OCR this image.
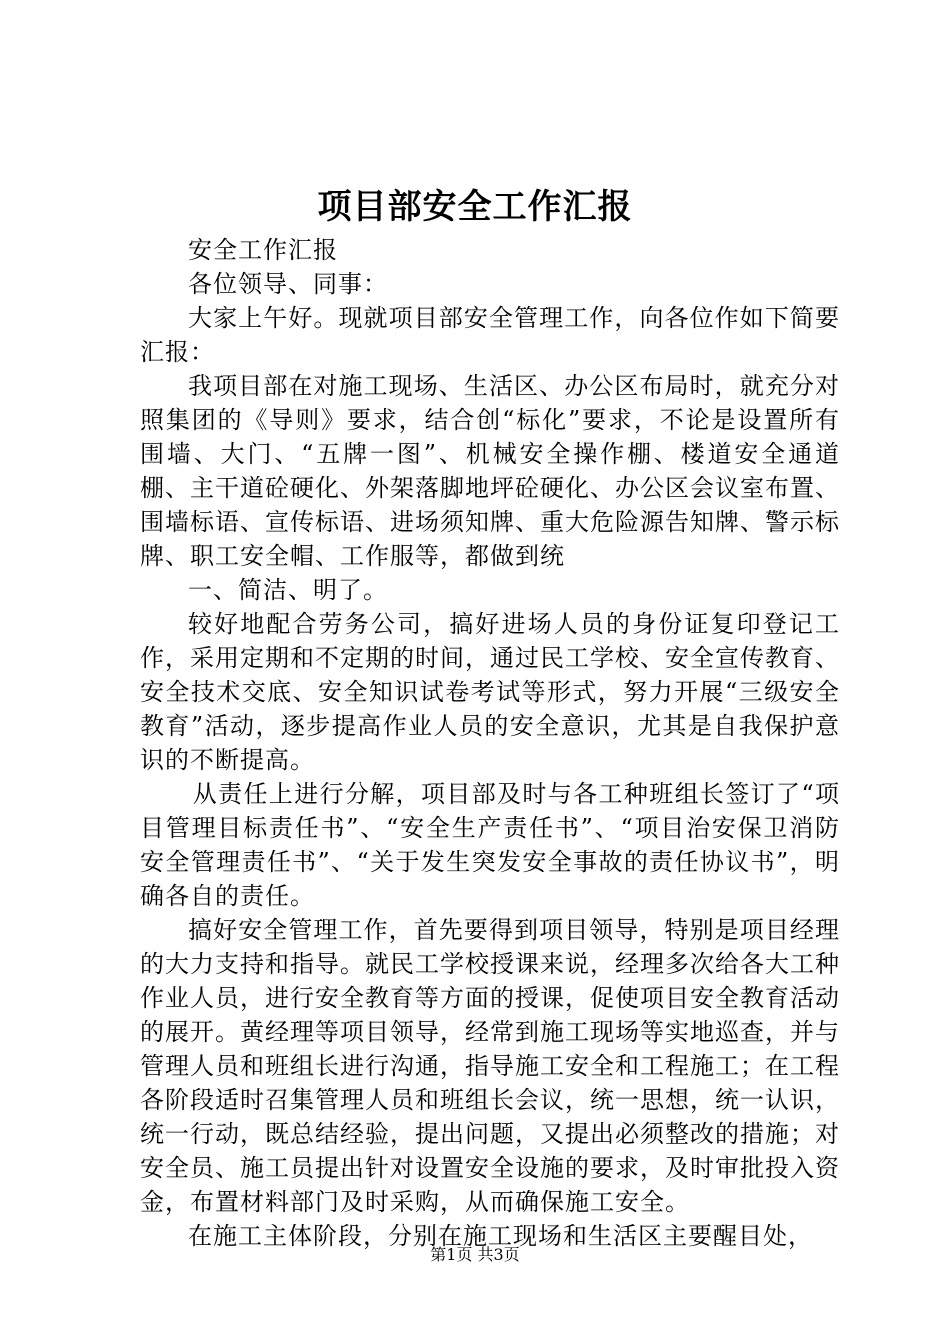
项目部安全工作汇报

安全工作汇报

各位领导、同事：

大家上午好。现就项目部安全管理工作，向各位作如下简要汇报：

我项目部在对施工现场、生活区、办公区布局时，就充分对照集团的《导则》要求，结合创“标化”要求，不论是设置所有围墙、大门、“五牌一图”、机械安全操作棚、楼道安全通道棚、主干道砼硬化、外架落脚地坪砼硬化、办公区会议室布置、围墙标语、宣传标语、进场须知牌、重大危险源告知牌、警示标牌、职工安全帽、工作服等，都做到统

一、简洁、明了。

较好地配合劳务公司，搞好进场人员的身份证复印登记工作，采用定期和不定期的时间，通过民工学校、安全宣传教育、安全技术交底、安全知识试卷考试等形式，努力开展“三级安全教育”活动，逐步提高作业人员的安全意识，尤其是自我保护意识的不断提高。

从责任上进行分解，项目部及时与各工种班组长签订了“项目管理目标责任书”、“安全生产责任书”、“项目治安保卫消防安全管理责任书”、“关于发生突发安全事故的责任协议书”，明确各自的责任。

搞好安全管理工作，首先要得到项目领导，特别是项目经理的大力支持和指导。就民工学校授课来说，经理多次给各大工种作业人员，进行安全教育等方面的授课，促使项目安全教育活动的展开。黄经理等项目领导，经常到施工现场等实地巡查，并与管理人员和班组长进行沟通，指导施工安全和工程施工；在工程各阶段适时召集管理人员和班组长会议，统一思想，统一认识，统一行动，既总结经验，提出问题，又提出必须整改的措施；对安全员、施工员提出针对设置安全设施的要求，及时审批投入资金，布置材料部门及时采购，从而确保施工安全。

在施工主体阶段，分别在施工现场和生活区主要醒目处，

第1页 共3页
